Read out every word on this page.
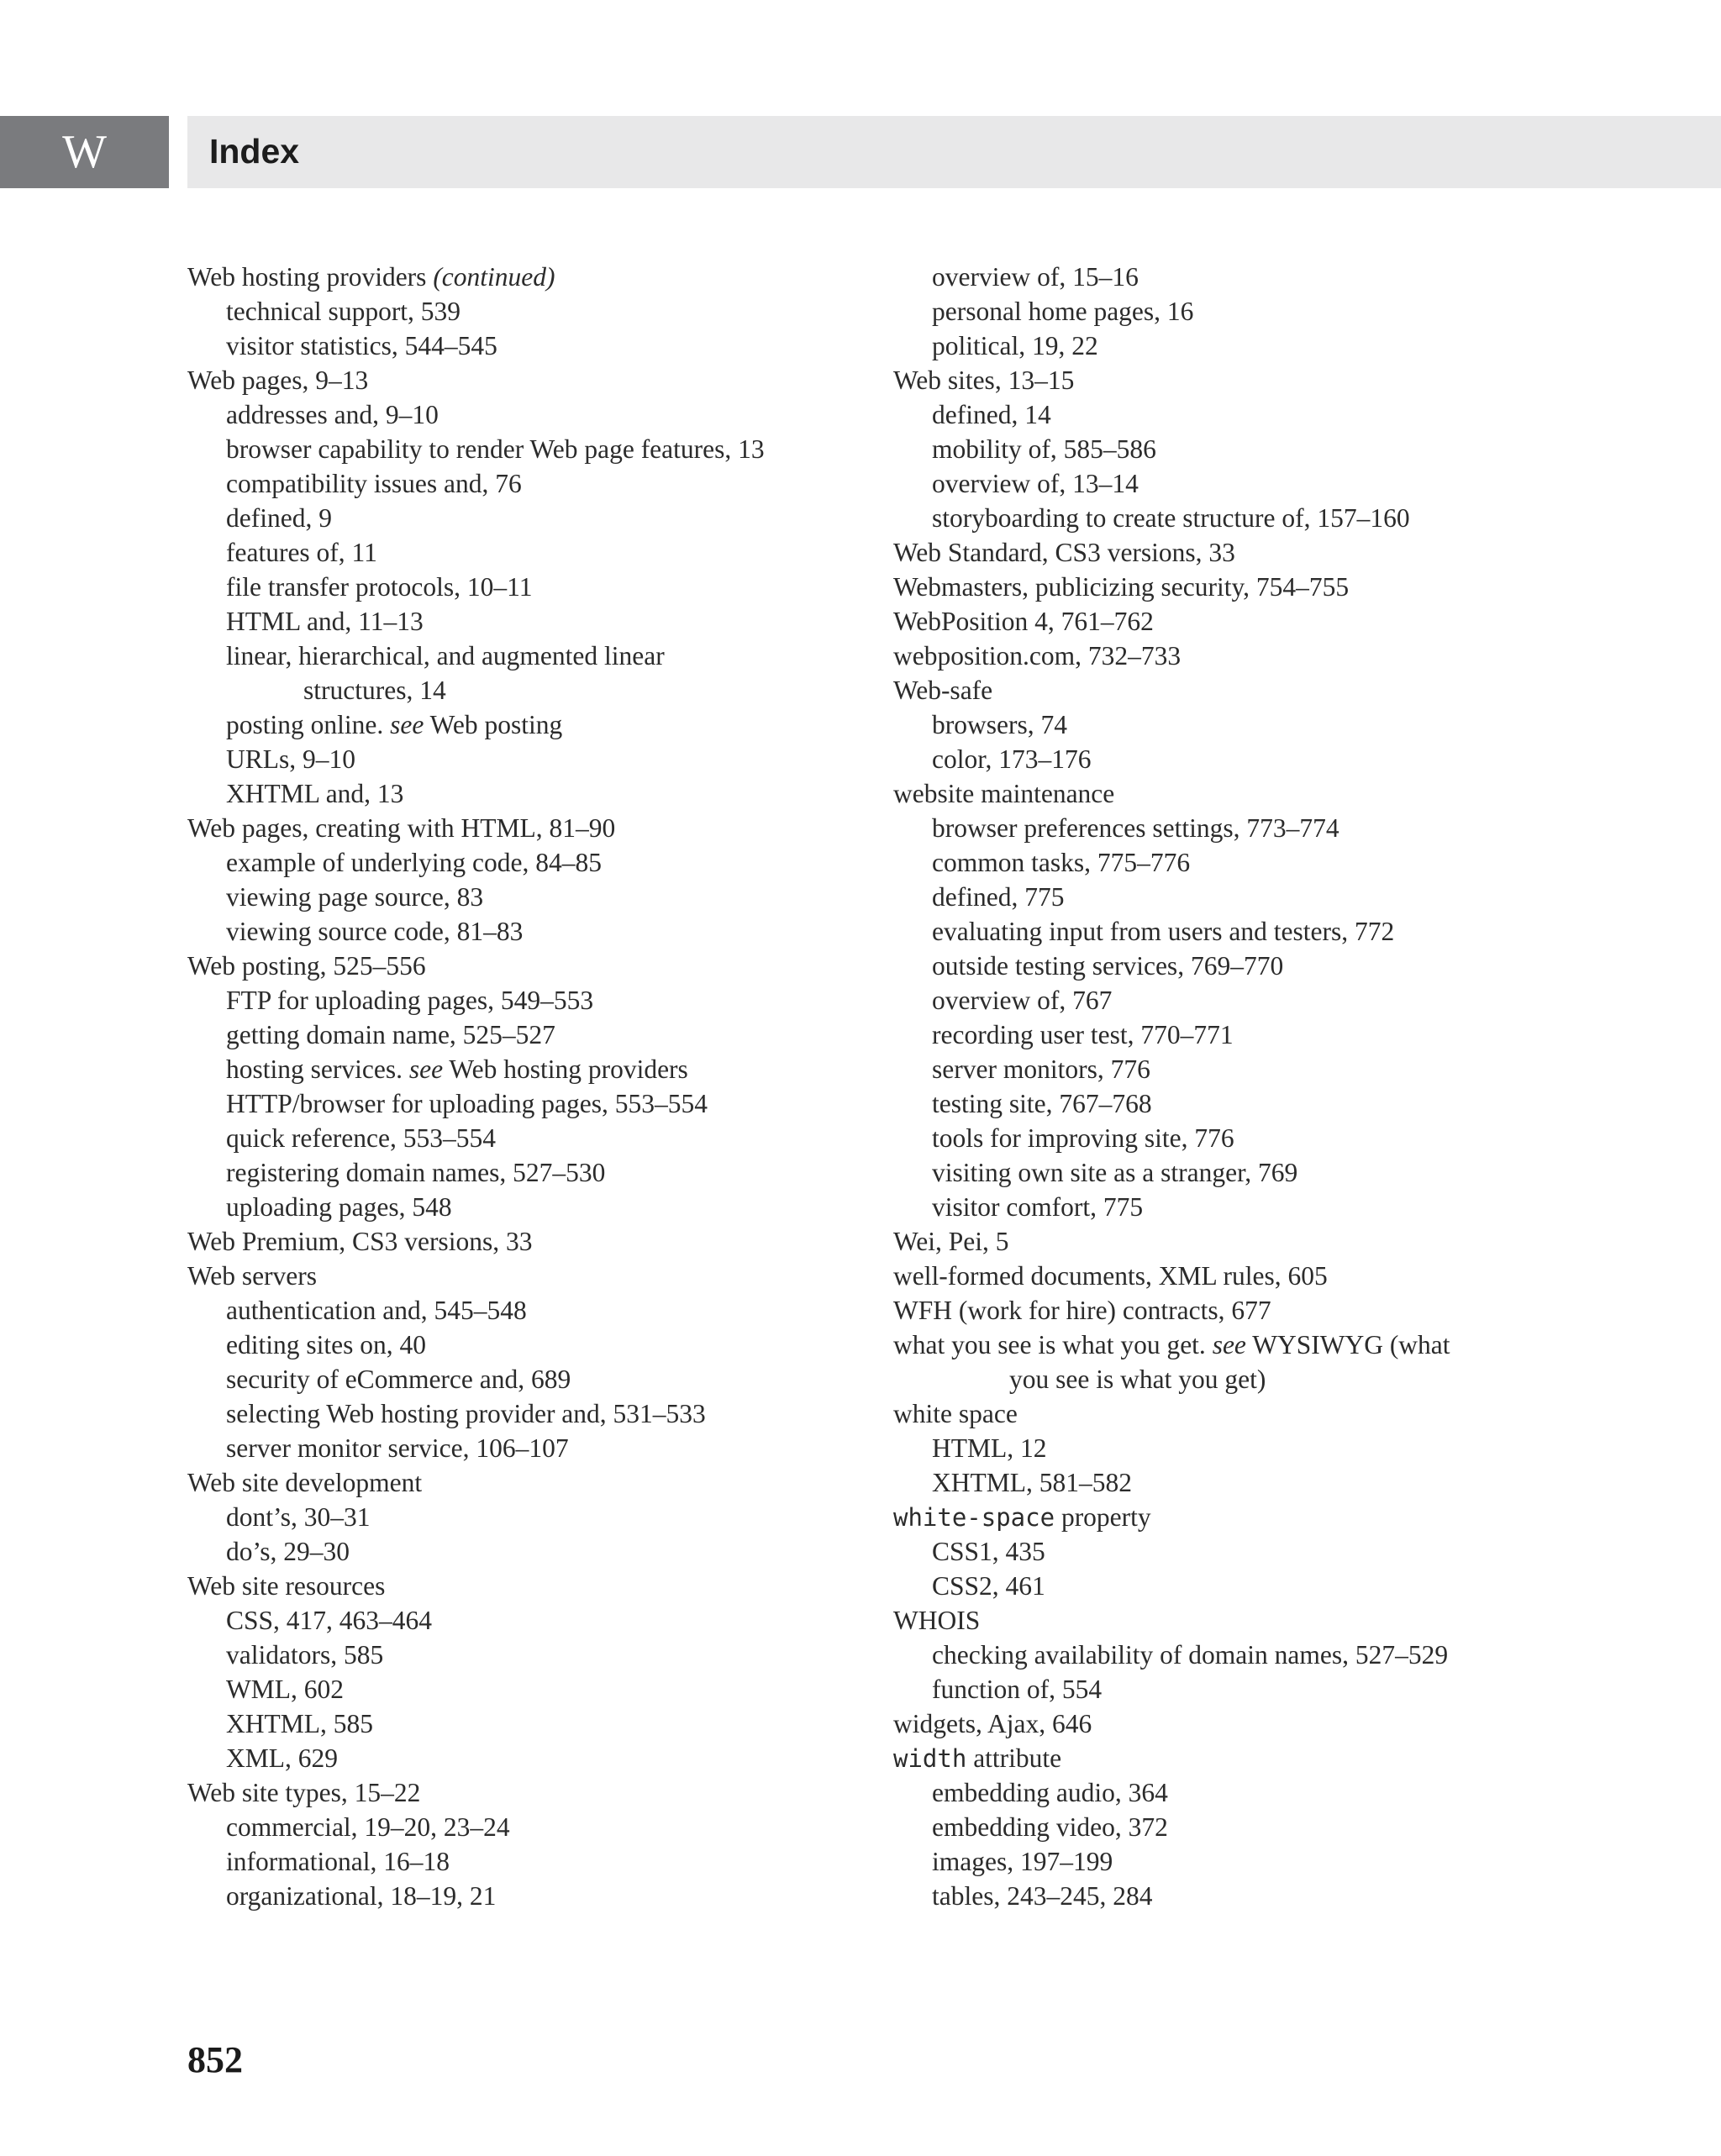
W	Index
Web hosting providers (continued)
technical support, 539
visitor statistics, 544–545
Web pages, 9–13
addresses and, 9–10
browser capability to render Web page features, 13
compatibility issues and, 76
defined, 9
features of, 11
file transfer protocols, 10–11
HTML and, 11–13
linear, hierarchical, and augmented linear
structures, 14
posting online. see Web posting
URLs, 9–10
XHTML and, 13
Web pages, creating with HTML, 81–90
example of underlying code, 84–85
viewing page source, 83
viewing source code, 81–83
Web posting, 525–556
FTP for uploading pages, 549–553
getting domain name, 525–527
hosting services. see Web hosting providers
HTTP/browser for uploading pages, 553–554
quick reference, 553–554
registering domain names, 527–530
uploading pages, 548
Web Premium, CS3 versions, 33
Web servers
authentication and, 545–548
editing sites on, 40
security of eCommerce and, 689
selecting Web hosting provider and, 531–533
server monitor service, 106–107
Web site development
dont’s, 30–31
do’s, 29–30
Web site resources
CSS, 417, 463–464
validators, 585
WML, 602
XHTML, 585
XML, 629
Web site types, 15–22
commercial, 19–20, 23–24
informational, 16–18
organizational, 18–19, 21
overview of, 15–16
personal home pages, 16
political, 19, 22
Web sites, 13–15
defined, 14
mobility of, 585–586
overview of, 13–14
storyboarding to create structure of, 157–160
Web Standard, CS3 versions, 33
Webmasters, publicizing security, 754–755
WebPosition 4, 761–762
webposition.com, 732–733
Web-safe
browsers, 74
color, 173–176
website maintenance
browser preferences settings, 773–774
common tasks, 775–776
defined, 775
evaluating input from users and testers, 772
outside testing services, 769–770
overview of, 767
recording user test, 770–771
server monitors, 776
testing site, 767–768
tools for improving site, 776
visiting own site as a stranger, 769
visitor comfort, 775
Wei, Pei, 5
well-formed documents, XML rules, 605
WFH (work for hire) contracts, 677
what you see is what you get. see WYSIWYG (what
you see is what you get)
white space
HTML, 12
XHTML, 581–582
white-space property
CSS1, 435
CSS2, 461
WHOIS
checking availability of domain names, 527–529
function of, 554
widgets, Ajax, 646
width attribute
embedding audio, 364
embedding video, 372
images, 197–199
tables, 243–245, 284
852
